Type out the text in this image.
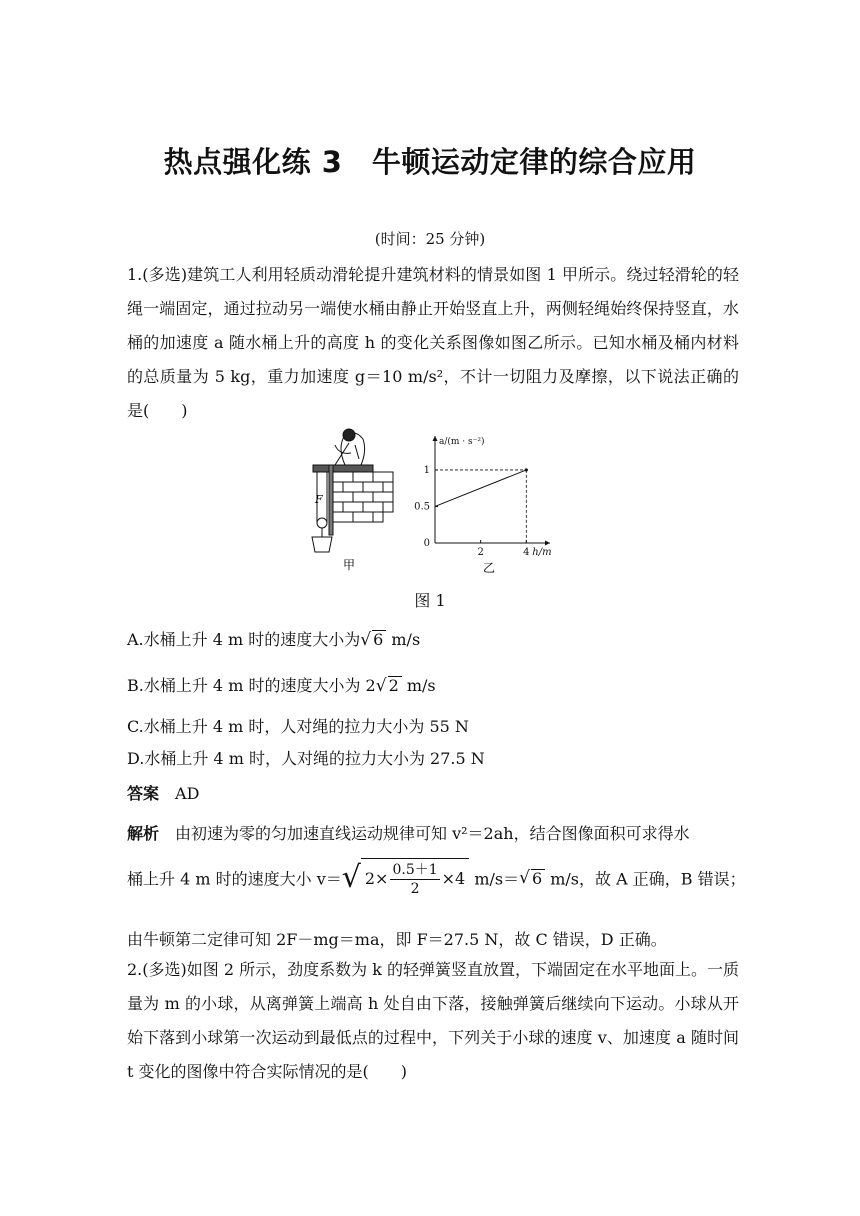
热点强化练 3　牛顿运动定律的综合应用
(时间：25 分钟)
1.(多选)建筑工人利用轻质动滑轮提升建筑材料的情景如图 1 甲所示。绕过轻滑轮的轻绳一端固定，通过拉动另一端使水桶由静止开始竖直上升，两侧轻绳始终保持竖直，水桶的加速度 a 随水桶上升的高度 h 的变化关系图像如图乙所示。已知水桶及桶内材料的总质量为 5 kg，重力加速度 g＝10 m/s²，不计一切阻力及摩擦，以下说法正确的是(　　)
F
甲
0.5
1
2	4
0
a/(m · s⁻²)
h/m
乙
图 1
A.水桶上升 4 m 时的速度大小为√ 6 m/s
B.水桶上升 4 m 时的速度大小为 2√ 2 m/s
C.水桶上升 4 m 时，人对绳的拉力大小为 55 N
D.水桶上升 4 m 时，人对绳的拉力大小为 27.5 N
答案　 AD
解析　由初速为零的匀加速直线运动规律可知 v²＝2ah，结合图像面积可求得水
桶上升 4 m 时的速度大小 v＝ √ $2\times \frac{0.5+1}{2} \times 4$ m/s＝√ 6 m/s，故 A 正确，B 错误；
由牛顿第二定律可知 2F－mg＝ma，即 F＝27.5 N，故 C 错误，D 正确。
2.(多选)如图 2 所示，劲度系数为 k 的轻弹簧竖直放置，下端固定在水平地面上。一质量为 m 的小球，从离弹簧上端高 h 处自由下落，接触弹簧后继续向下运动。小球从开始下落到小球第一次运动到最低点的过程中，下列关于小球的速度 v、加速度 a 随时间 t 变化的图像中符合实际情况的是(　　)
